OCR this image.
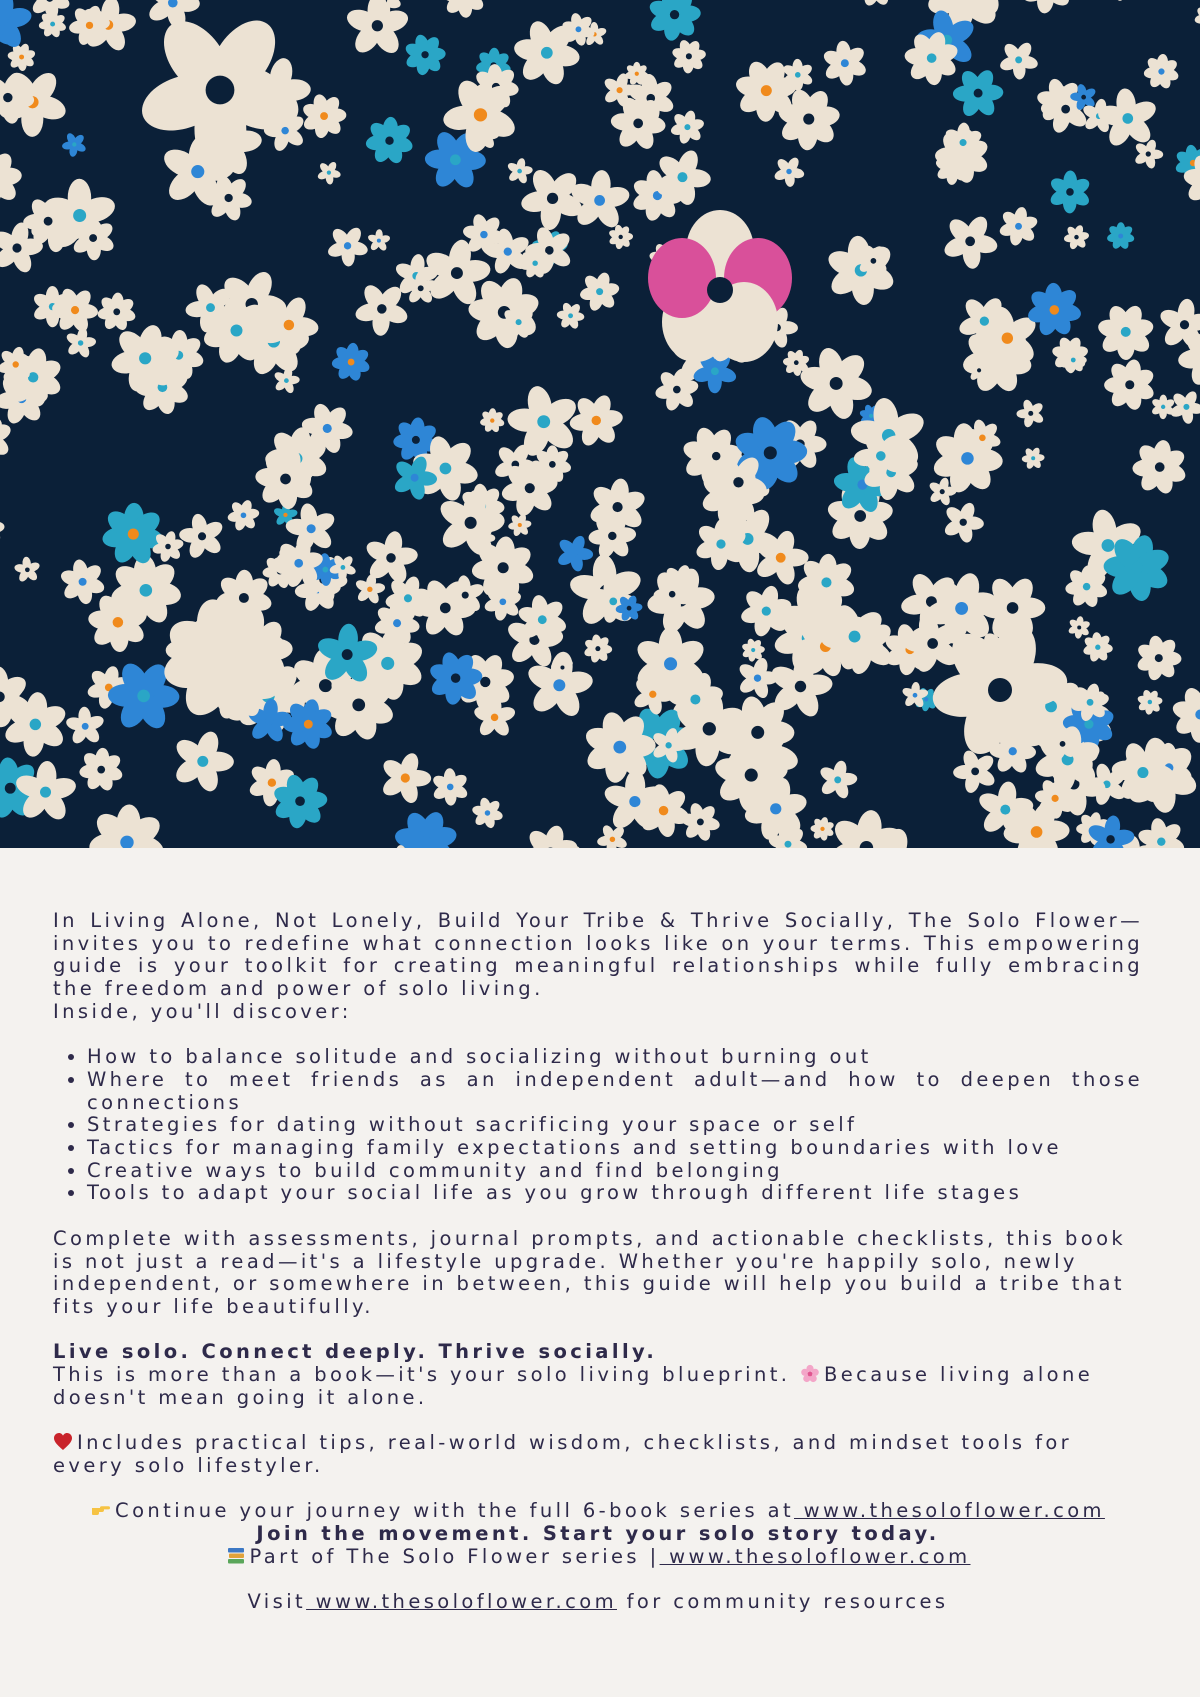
In Living Alone, Not Lonely, Build Your Tribe & Thrive Socially, The Solo Flower—invites you to redefine what connection looks like on your terms. This empowering guide is your toolkit for creating meaningful relationships while fully embracing the freedom and power of solo living.

Inside, you'll discover:

• How to balance solitude and socializing without burning out
• Where to meet friends as an independent adult—and how to deepen those connections
• Strategies for dating without sacrificing your space or self
• Tactics for managing family expectations and setting boundaries with love
• Creative ways to build community and find belonging
• Tools to adapt your social life as you grow through different life stages

Complete with assessments, journal prompts, and actionable checklists, this book is not just a read—it's a lifestyle upgrade. Whether you're happily solo, newly independent, or somewhere in between, this guide will help you build a tribe that fits your life beautifully.

Live solo. Connect deeply. Thrive socially.

This is more than a book—it's your solo living blueprint. Because living alone doesn't mean going it alone.

Includes practical tips, real-world wisdom, checklists, and mindset tools for every solo lifestyler.

Continue your journey with the full 6-book series at www.thesoloflower.com

Join the movement. Start your solo story today.

Part of The Solo Flower series | www.thesoloflower.com

Visit www.thesoloflower.com for community resources
